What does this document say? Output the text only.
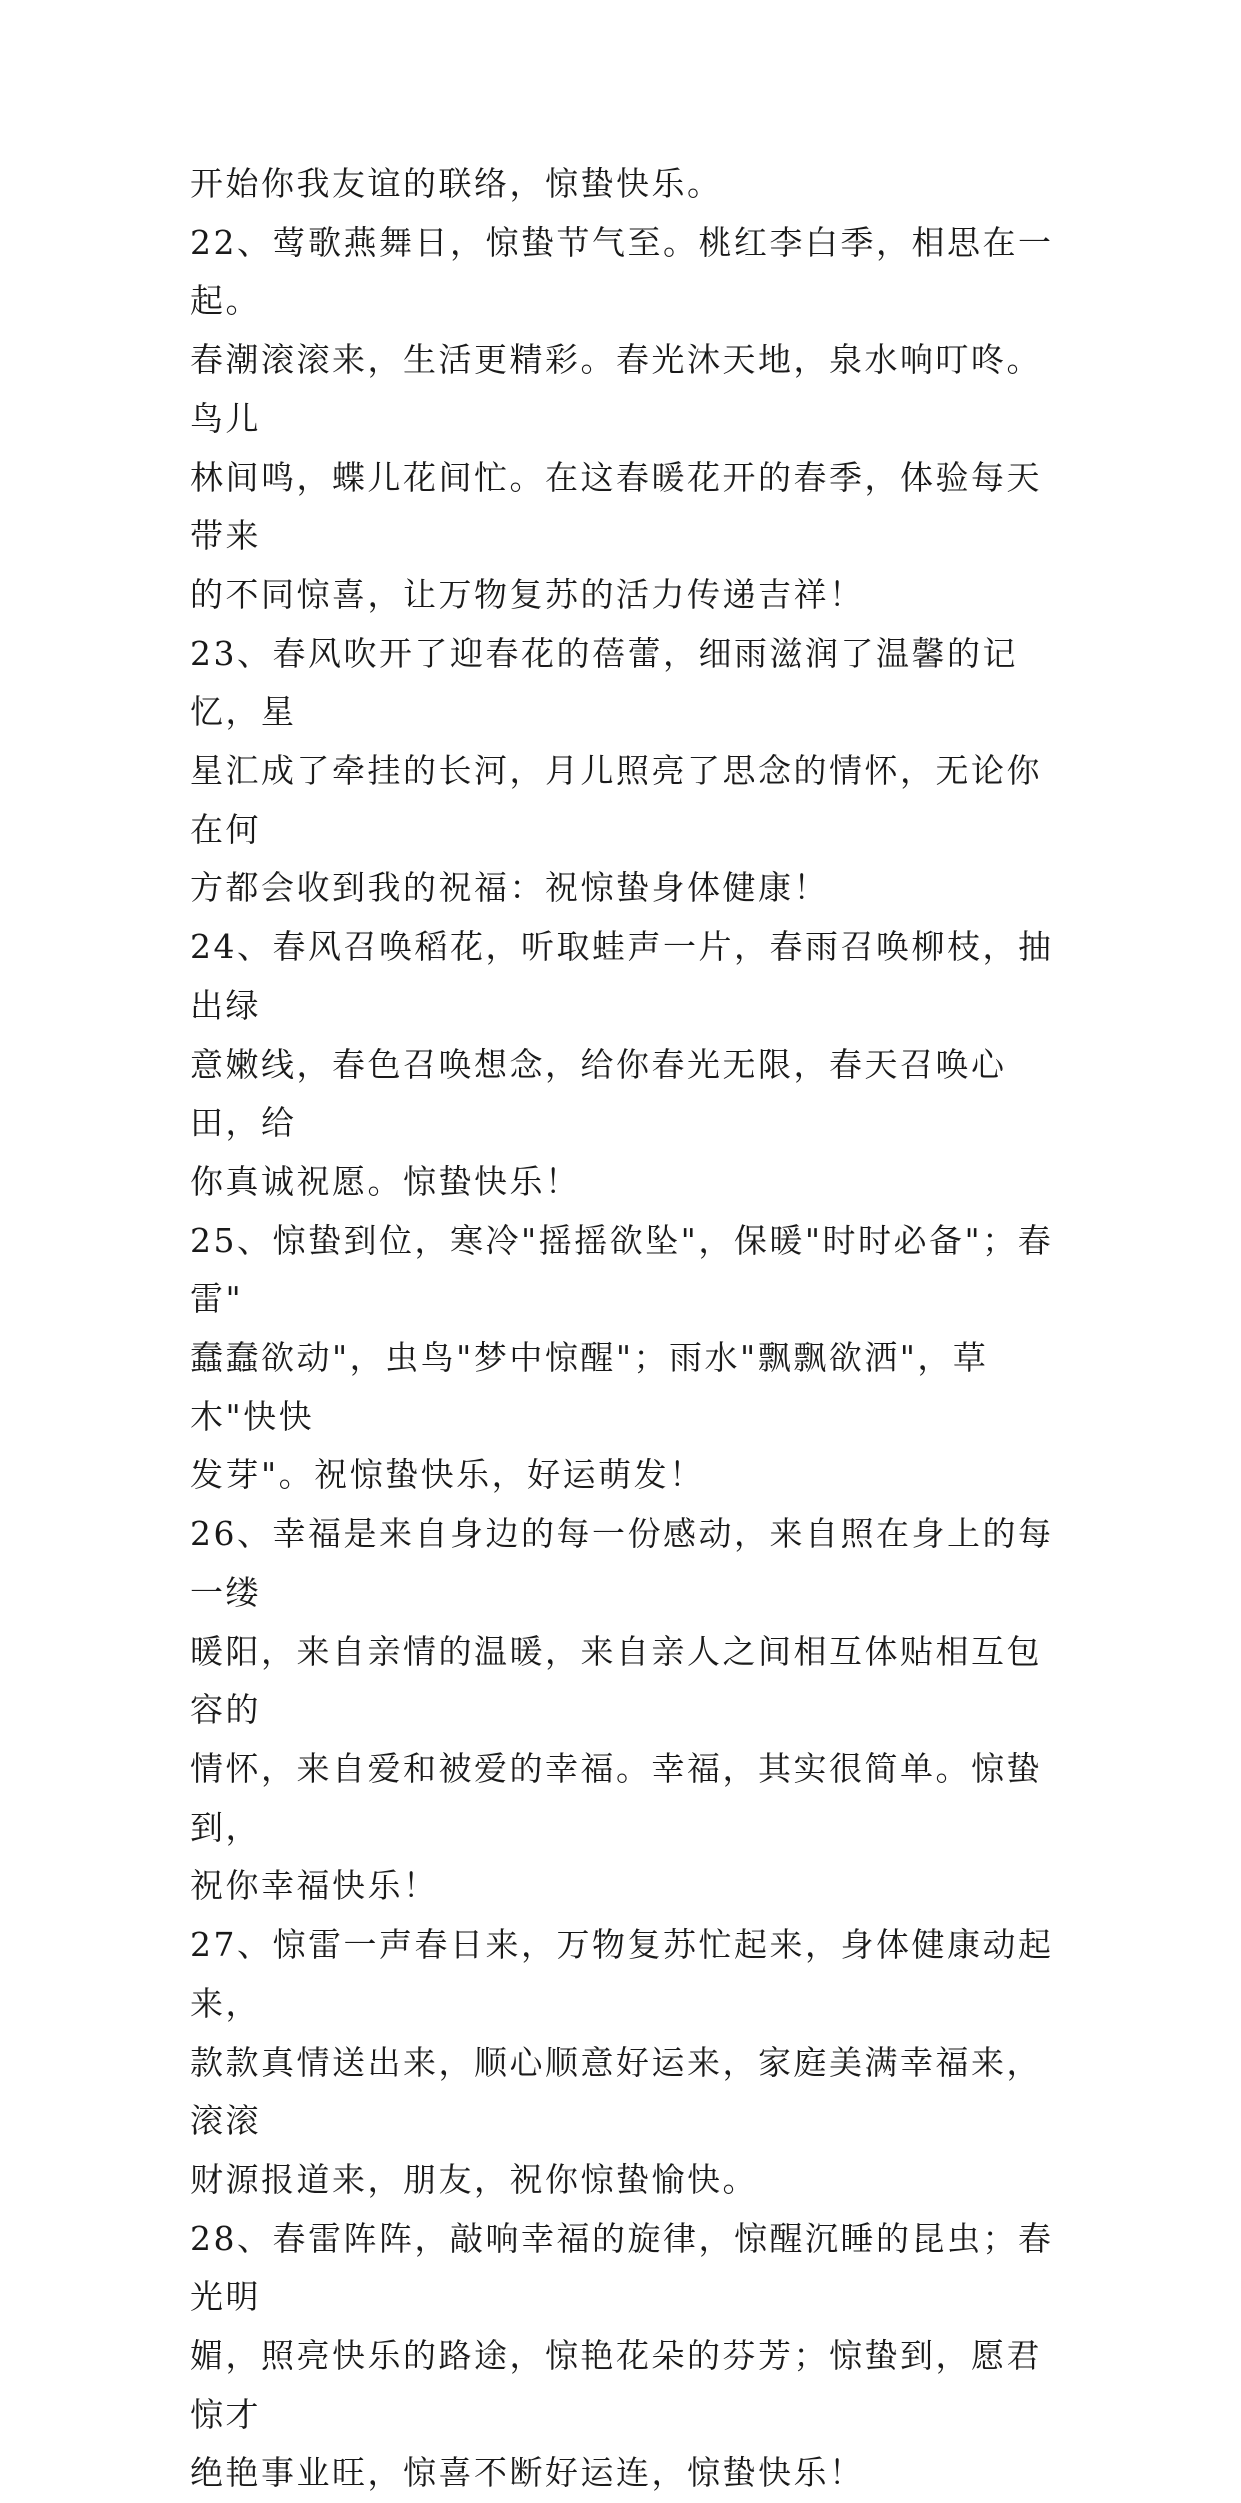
开始你我友谊的联络，惊蛰快乐。

22、莺歌燕舞日，惊蛰节气至。桃红李白季，相思在一起。
春潮滚滚来，生活更精彩。春光沐天地，泉水响叮咚。鸟儿
林间鸣，蝶儿花间忙。在这春暖花开的春季，体验每天带来
的不同惊喜，让万物复苏的活力传递吉祥！

23、春风吹开了迎春花的蓓蕾，细雨滋润了温馨的记忆，星
星汇成了牵挂的长河，月儿照亮了思念的情怀，无论你在何
方都会收到我的祝福：祝惊蛰身体健康！

24、春风召唤稻花，听取蛙声一片，春雨召唤柳枝，抽出绿
意嫩线，春色召唤想念，给你春光无限，春天召唤心田，给
你真诚祝愿。惊蛰快乐！

25、惊蛰到位，寒冷"摇摇欲坠"，保暖"时时必备"；春雷"
蠢蠢欲动"，虫鸟"梦中惊醒"；雨水"飘飘欲洒"，草木"快快
发芽"。祝惊蛰快乐，好运萌发！

26、幸福是来自身边的每一份感动，来自照在身上的每一缕
暖阳，来自亲情的温暖，来自亲人之间相互体贴相互包容的
情怀，来自爱和被爱的幸福。幸福，其实很简单。惊蛰到，
祝你幸福快乐！

27、惊雷一声春日来，万物复苏忙起来，身体健康动起来，
款款真情送出来，顺心顺意好运来，家庭美满幸福来，滚滚
财源报道来，朋友，祝你惊蛰愉快。

28、春雷阵阵，敲响幸福的旋律，惊醒沉睡的昆虫；春光明
媚，照亮快乐的路途，惊艳花朵的芬芳；惊蛰到，愿君惊才
绝艳事业旺，惊喜不断好运连，惊蛰快乐！
